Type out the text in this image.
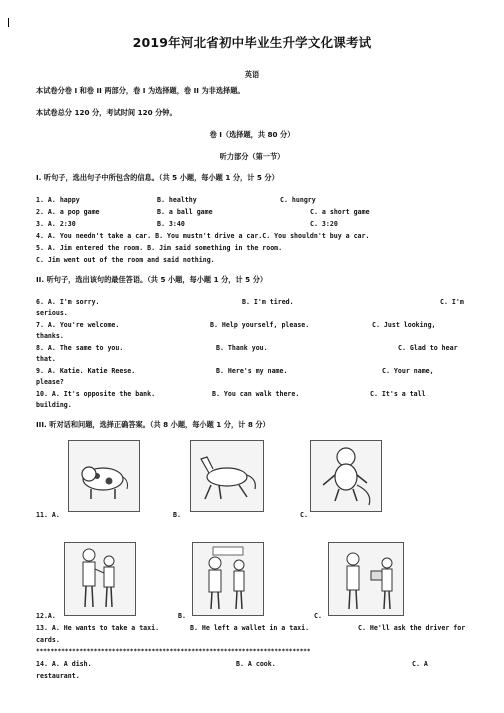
2019年河北省初中毕业生升学文化课考试
英语
本试卷分卷 I 和卷 II 两部分，卷 I 为选择题，卷 II 为非选择题。
本试卷总分 120 分，考试时间 120 分钟。
卷 I（选择题，共 80 分）
听力部分（第一节）
I. 听句子，选出句子中所包含的信息。（共 5 小题，每小题 1 分，计 5 分）
1. A. happy	B. healthy	C. hungry
2. A. a pop game	B. a ball game	C. a short game
3. A. 2:30	B. 3:40	C. 3:20
4. A. You needn't take a car. B. You mustn't drive a car.C. You shouldn't buy a car.
5. A. Jim entered the room. B. Jim said something in the room.
C. Jim went out of the room and said nothing.
II. 听句子，选出该句的最佳答语。（共 5 小题，每小题 1 分，计 5 分）
6. A. I'm sorry.	B. I'm tired.	C. I'm
serious.
7. A. You're welcome.	B. Help yourself, please.	C. Just looking,
thanks.
8. A. The same to you.	B. Thank you.	C. Glad to hear
that.
9. A. Katie. Katie Reese.	B. Here's my name.	C. Your name,
please?
10. A. It's opposite the bank.	B. You can walk there.	C. It's a tall
building.
III. 听对话和问题，选择正确答案。（共 8 小题，每小题 1 分，计 8 分）
11. A.	B.	C.
12.A.	B.	C.
13. A. He wants to take a taxi.	B. He left a wallet in a taxi.	C. He'll ask the driver for
cards.
****************************************************************************
14. A. A dish.	B. A cook.	C. A
restaurant.
